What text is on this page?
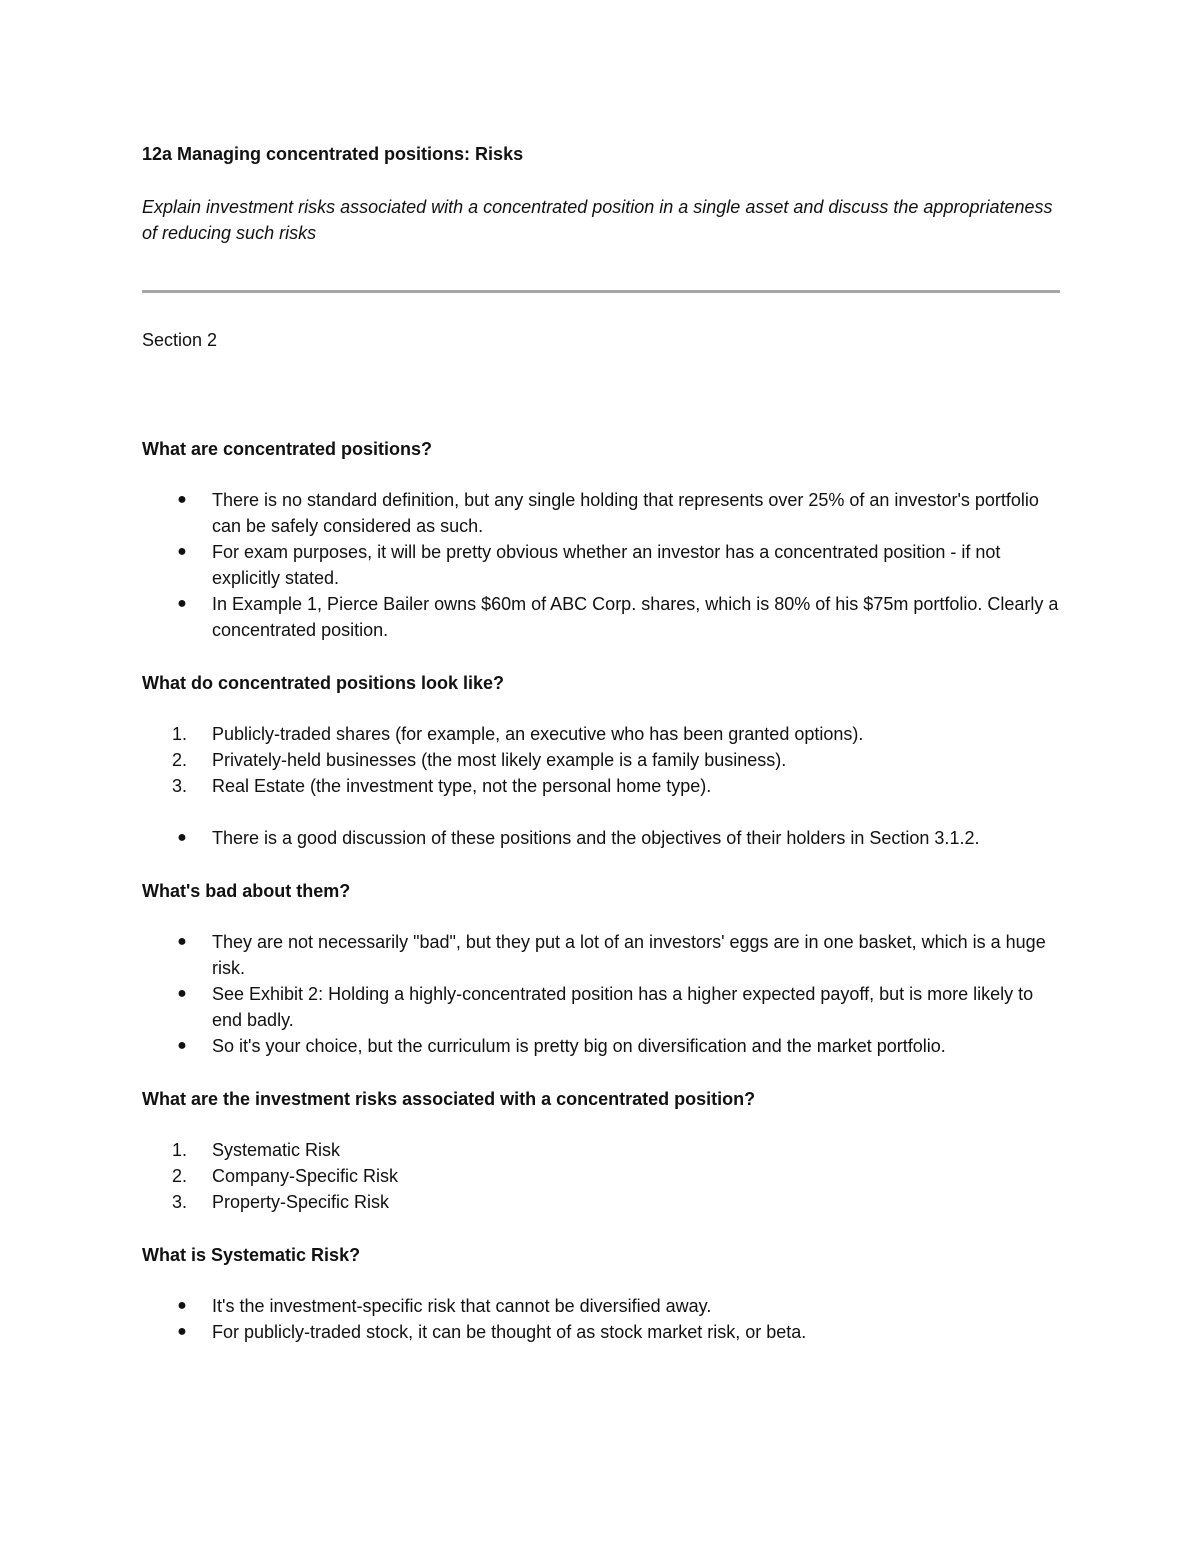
12a Managing concentrated positions: Risks

Explain investment risks associated with a concentrated position in a single asset and discuss the appropriateness of reducing such risks

Section 2

What are concentrated positions?

● There is no standard definition, but any single holding that represents over 25% of an investor's portfolio can be safely considered as such.
● For exam purposes, it will be pretty obvious whether an investor has a concentrated position - if not explicitly stated.
● In Example 1, Pierce Bailer owns $60m of ABC Corp. shares, which is 80% of his $75m portfolio. Clearly a concentrated position.

What do concentrated positions look like?

1.	Publicly-traded shares (for example, an executive who has been granted options).
2.	Privately-held businesses (the most likely example is a family business).
3.	Real Estate (the investment type, not the personal home type).
● There is a good discussion of these positions and the objectives of their holders in Section 3.1.2.

What's bad about them?

● They are not necessarily "bad", but they put a lot of an investors' eggs are in one basket, which is a huge risk.
● See Exhibit 2: Holding a highly-concentrated position has a higher expected payoff, but is more likely to end badly.
● So it's your choice, but the curriculum is pretty big on diversification and the market portfolio.

What are the investment risks associated with a concentrated position?

1.	Systematic Risk
2.	Company-Specific Risk
3.	Property-Specific Risk

What is Systematic Risk?

● It's the investment-specific risk that cannot be diversified away.
● For publicly-traded stock, it can be thought of as stock market risk, or beta.
